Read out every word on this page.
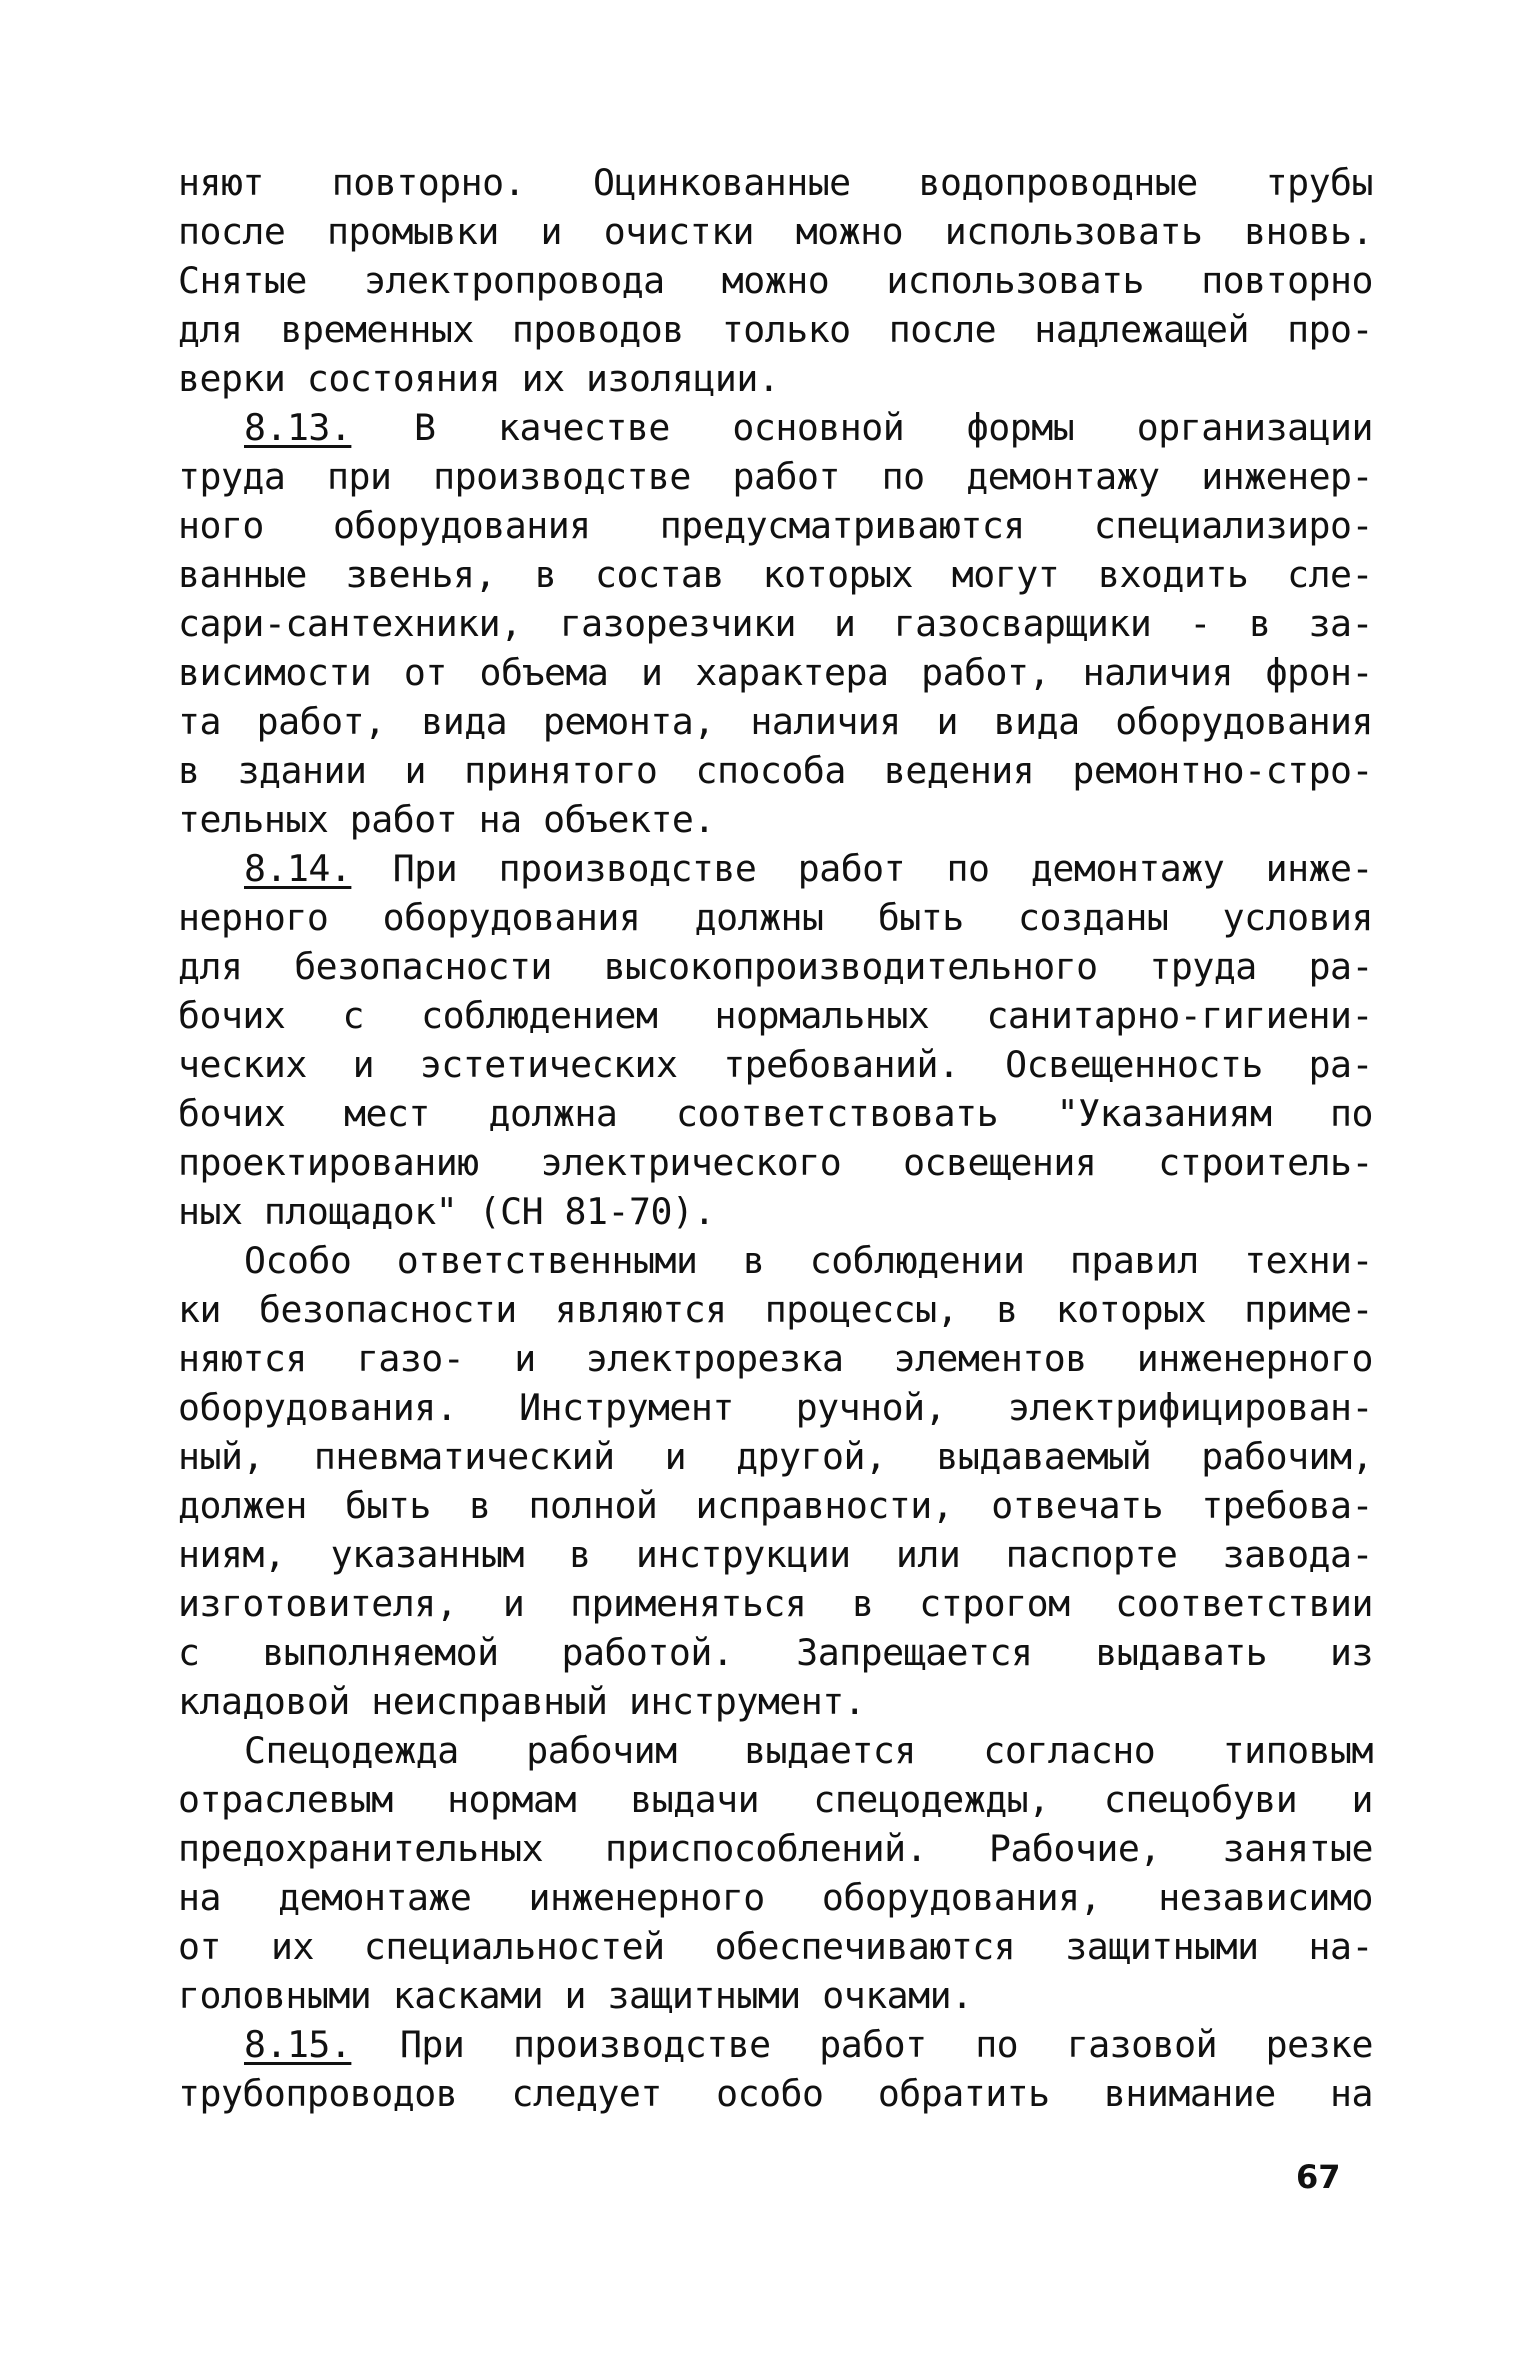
няют повторно. Оцинкованные водопроводные трубы
после промывки и очистки можно использовать вновь.
Снятые электропровода можно использовать повторно
для временных проводов только после надлежащей про-
верки состояния их изоляции.
8.13. В качестве основной формы организации
труда при производстве работ по демонтажу инженер-
ного оборудования предусматриваются специализиро-
ванные звенья, в состав которых могут входить сле-
сари-сантехники, газорезчики и газосварщики - в за-
висимости от объема и характера работ, наличия фрон-
та работ, вида ремонта, наличия и вида оборудования
в здании и принятого способа ведения ремонтно-стро-
тельных работ на объекте.
8.14. При производстве работ по демонтажу инже-
нерного оборудования должны быть созданы условия
для безопасности высокопроизводительного труда ра-
бочих с соблюдением нормальных санитарно-гигиени-
ческих и эстетических требований. Освещенность ра-
бочих мест должна соответствовать "Указаниям по
проектированию электрического освещения строитель-
ных площадок" (СН 81-70).
Особо ответственными в соблюдении правил техни-
ки безопасности являются процессы, в которых приме-
няются газо- и электрорезка элементов инженерного
оборудования. Инструмент ручной, электрифицирован-
ный, пневматический и другой, выдаваемый рабочим,
должен быть в полной исправности, отвечать требова-
ниям, указанным в инструкции или паспорте завода-
изготовителя, и применяться в строгом соответствии
с выполняемой работой. Запрещается выдавать из
кладовой неисправный инструмент.
Спецодежда рабочим выдается согласно типовым
отраслевым нормам выдачи спецодежды, спецобуви и
предохранительных приспособлений. Рабочие, занятые
на демонтаже инженерного оборудования, независимо
от их специальностей обеспечиваются защитными на-
головными касками и защитными очками.
8.15. При производстве работ по газовой резке
трубопроводов следует особо обратить внимание на
67
